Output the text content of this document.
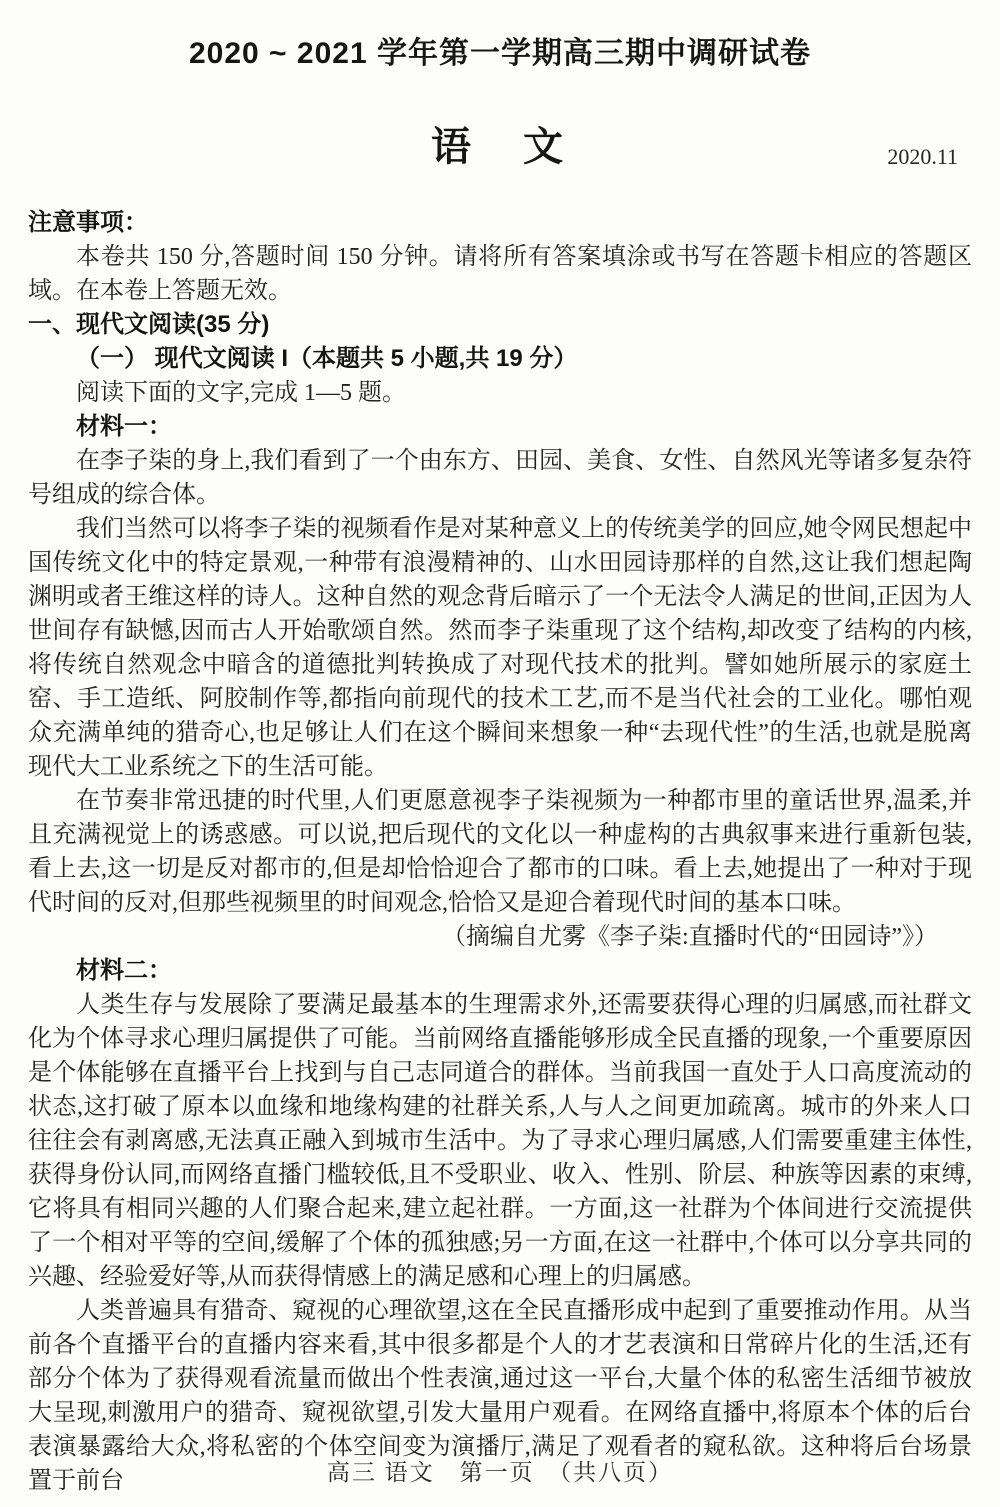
2020 ~ 2021 学年第一学期高三期中调研试卷
语　文	2020.11

注意事项：

本卷共 150 分,答题时间 150 分钟。请将所有答案填涂或书写在答题卡相应的答题区域。在本卷上答题无效。

一、现代文阅读(35 分)

（一） 现代文阅读 I（本题共 5 小题,共 19 分）

阅读下面的文字,完成 1—5 题。

材料一：

在李子柒的身上,我们看到了一个由东方、田园、美食、女性、自然风光等诸多复杂符号组成的综合体。

我们当然可以将李子柒的视频看作是对某种意义上的传统美学的回应,她令网民想起中国传统文化中的特定景观,一种带有浪漫精神的、山水田园诗那样的自然,这让我们想起陶渊明或者王维这样的诗人。这种自然的观念背后暗示了一个无法令人满足的世间,正因为人世间存有缺憾,因而古人开始歌颂自然。然而李子柒重现了这个结构,却改变了结构的内核,将传统自然观念中暗含的道德批判转换成了对现代技术的批判。譬如她所展示的家庭土窑、手工造纸、阿胶制作等,都指向前现代的技术工艺,而不是当代社会的工业化。哪怕观众充满单纯的猎奇心,也足够让人们在这个瞬间来想象一种“去现代性”的生活,也就是脱离现代大工业系统之下的生活可能。

在节奏非常迅捷的时代里,人们更愿意视李子柒视频为一种都市里的童话世界,温柔,并且充满视觉上的诱惑感。可以说,把后现代的文化以一种虚构的古典叙事来进行重新包装,看上去,这一切是反对都市的,但是却恰恰迎合了都市的口味。看上去,她提出了一种对于现代时间的反对,但那些视频里的时间观念,恰恰又是迎合着现代时间的基本口味。

（摘编自尤雾《李子柒:直播时代的“田园诗”》）

材料二：

人类生存与发展除了要满足最基本的生理需求外,还需要获得心理的归属感,而社群文化为个体寻求心理归属提供了可能。当前网络直播能够形成全民直播的现象,一个重要原因是个体能够在直播平台上找到与自己志同道合的群体。当前我国一直处于人口高度流动的状态,这打破了原本以血缘和地缘构建的社群关系,人与人之间更加疏离。城市的外来人口往往会有剥离感,无法真正融入到城市生活中。为了寻求心理归属感,人们需要重建主体性,获得身份认同,而网络直播门槛较低,且不受职业、收入、性别、阶层、种族等因素的束缚,它将具有相同兴趣的人们聚合起来,建立起社群。一方面,这一社群为个体间进行交流提供了一个相对平等的空间,缓解了个体的孤独感;另一方面,在这一社群中,个体可以分享共同的兴趣、经验爱好等,从而获得情感上的满足感和心理上的归属感。

人类普遍具有猎奇、窥视的心理欲望,这在全民直播形成中起到了重要推动作用。从当前各个直播平台的直播内容来看,其中很多都是个人的才艺表演和日常碎片化的生活,还有部分个体为了获得观看流量而做出个性表演,通过这一平台,大量个体的私密生活细节被放大呈现,刺激用户的猎奇、窥视欲望,引发大量用户观看。在网络直播中,将原本个体的后台表演暴露给大众,将私密的个体空间变为演播厅,满足了观看者的窥私欲。这种将后台场景置于前台	高三 语文　第一页　（共八页）
